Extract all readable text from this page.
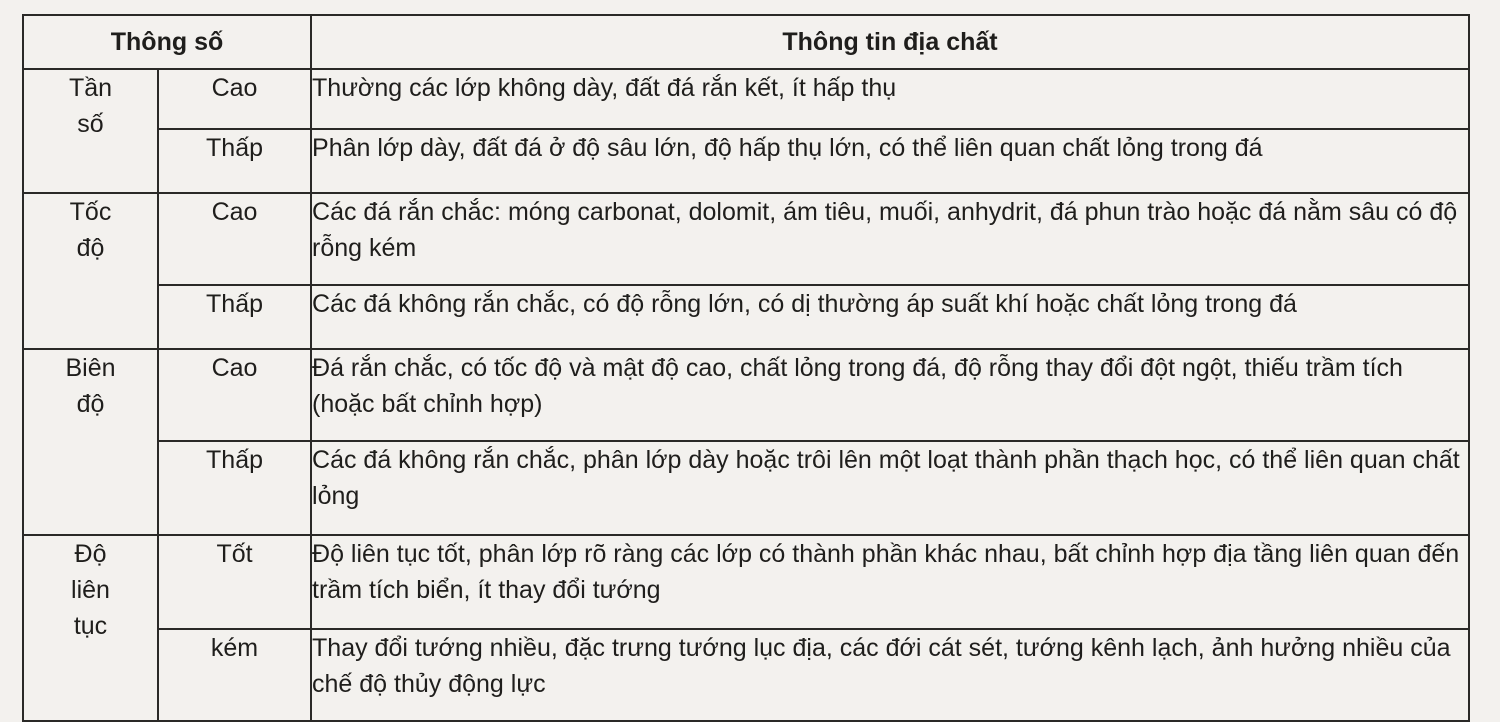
Thông số		Thông tin địa chất
Tần số	Cao	Thường các lớp không dày, đất đá rắn kết, ít hấp thụ
	Thấp	Phân lớp dày, đất đá ở độ sâu lớn, độ hấp thụ lớn, có thể liên quan chất lỏng trong đá
Tốc độ	Cao	Các đá rắn chắc: móng carbonat, dolomit, ám tiêu, muối, anhydrit, đá phun trào hoặc đá nằm sâu có độ rỗng kém
	Thấp	Các đá không rắn chắc, có độ rỗng lớn, có dị thường áp suất khí hoặc chất lỏng trong đá
Biên độ	Cao	Đá rắn chắc, có tốc độ và mật độ cao, chất lỏng trong đá, độ rỗng thay đổi đột ngột, thiếu trầm tích (hoặc bất chỉnh hợp)
	Thấp	Các đá không rắn chắc, phân lớp dày hoặc trôi lên một loạt thành phần thạch học, có thể liên quan chất lỏng
Độ liên tục	Tốt	Độ liên tục tốt, phân lớp rõ ràng các lớp có thành phần khác nhau, bất chỉnh hợp địa tầng liên quan đến trầm tích biển, ít thay đổi tướng
	kém	Thay đổi tướng nhiều, đặc trưng tướng lục địa, các đới cát sét, tướng kênh lạch, ảnh hưởng nhiều của chế độ thủy động lực
